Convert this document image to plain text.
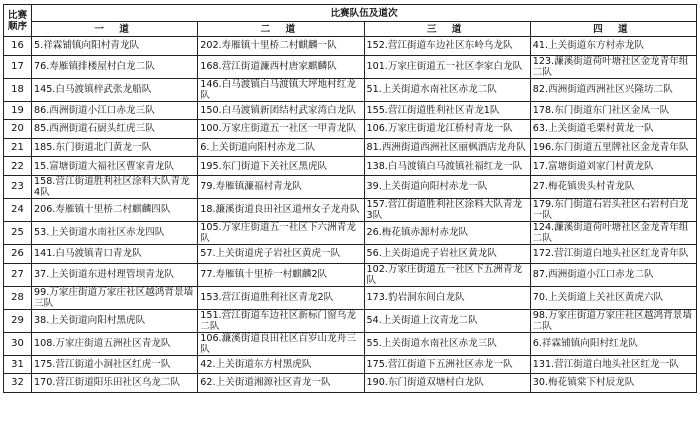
比赛顺序	比赛队伍及道次			
	一 道	二 道	三 道	四 道
16	5.祥霖铺镇向阳村青龙队	202.寿雁镇十里桥二村麒麟一队	152.营江街道车边社区东岭乌龙队	41.上关街道东方村赤龙队
17	76.寿雁镇排楼屋村白龙二队	168.营江街道濂西村唐家麒麟队	101.万家庄街道五一社区李家白龙队	123.濂溪街道荷叶塘社区金龙青年组二队
18	145.白马渡镇梓武张龙船队	146.白马渡镇白马渡镇大坪地村红龙队	51.上关街道水南社区赤龙二队	82.西洲街道西洲社区兴隆坊二队
19	86.西洲街道小江口赤龙三队	150.白马渡镇新团结村武家湾白龙队	155.营江街道胜利社区青龙1队	178.东门街道东门社区金凤一队
20	85.西洲街道石厨头红虎三队	100.万家庄街道五一社区一甲青龙队	106.万家庄街道龙江桥村青龙一队	63.上关街道毛栗村黄龙一队
21	185.东门街道北门黄龙一队	6.上关街道向阳村赤龙二队	81.西洲街道西洲社区丽枫酒店龙舟队	196.东门街道五里牌社区金龙青年队
22	15.富塘街道大福社区曹家青龙队	195.东门街道下关社区黑虎队	138.白马渡镇白马渡镇社福红龙一队	17.富塘街道刘家门村黄龙队
23	158.营江街道胜利社区涂料大队青龙4队	79.寿雁镇濂福村青龙队	39.上关街道向阳村赤龙一队	27.梅花镇贵头村青龙队
24	206.寿雁镇十里桥二村麒麟四队	18.濂溪街道良田社区道州女子龙舟队	157.营江街道胜利社区涂料大队青龙3队	179.东门街道石岩头社区石岩村白龙一队
25	53.上关街道水南社区赤龙四队	105.万家庄街道五一社区下六洲青龙队	26.梅花镇赤源村赤龙队	124.濂溪街道荷叶塘社区金龙青年组二队
26	141.白马渡镇青口青龙队	57.上关街道虎子岩社区黄虎一队	56.上关街道虎子岩社区黄龙队	172.营江街道白地头社区红龙青年队
27	37.上关街道东进村理管坝青龙队	77.寿雁镇十里桥一村麒麟2队	102.万家庄街道五一社区下五洲青龙队	87.西洲街道小江口赤龙二队
28	99.万家庄街道万家庄社区越鸿背景墙三队	153.营江街道胜利社区青龙2队	173.豹岩洞东间白龙队	70.上关街道上关社区黄虎六队
29	38.上关街道向阳村黑虎队	151.营江街道车边社区新标门窗乌龙二队	54.上关街道上汶青龙二队	98.万家庄街道万家庄社区越鸿背景墙二队
30	108.万家庄街道五洲社区青龙队	106.濂溪街道良田社区百岁山龙舟三队	55.上关街道水南社区赤龙三队	6.祥霖铺镇向阳村红龙队
31	175.营江街道小洞社区红虎一队	42.上关街道东方村黑虎队	175.营江街道下五洲社区赤龙一队	131.营江街道白地头社区红龙一队
32	170.营江街道阳乐田社区乌龙二队	62.上关街道湘源社区青龙一队	190.东门街道双塘村白龙队	30.梅花镇棠下村辰龙队
